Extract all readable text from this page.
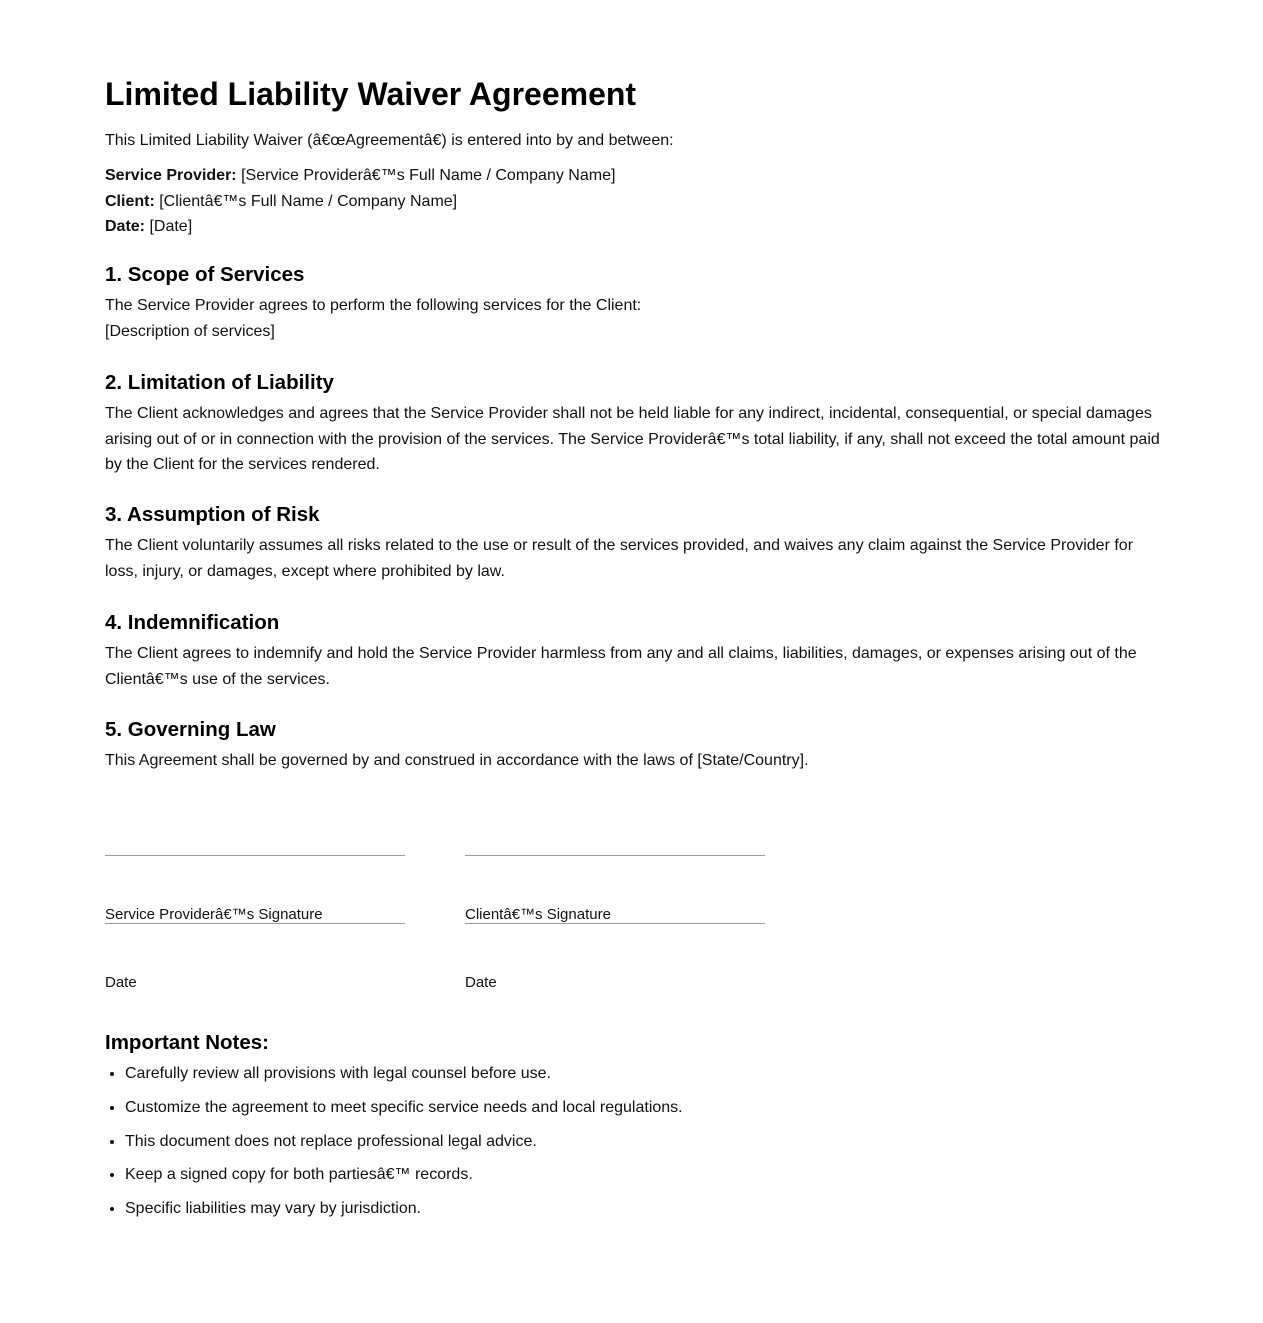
Limited Liability Waiver Agreement

This Limited Liability Waiver (â€œAgreementâ€) is entered into by and between:

Service Provider: [Service Providerâ€™s Full Name / Company Name]
Client: [Clientâ€™s Full Name / Company Name]
Date: [Date]
1. Scope of Services

The Service Provider agrees to perform the following services for the Client:
[Description of services]

2. Limitation of Liability

The Client acknowledges and agrees that the Service Provider shall not be held liable for any indirect, incidental, consequential, or special damages arising out of or in connection with the provision of the services. The Service Providerâ€™s total liability, if any, shall not exceed the total amount paid by the Client for the services rendered.

3. Assumption of Risk

The Client voluntarily assumes all risks related to the use or result of the services provided, and waives any claim against the Service Provider for loss, injury, or damages, except where prohibited by law.

4. Indemnification

The Client agrees to indemnify and hold the Service Provider harmless from any and all claims, liabilities, damages, or expenses arising out of the Clientâ€™s use of the services.

5. Governing Law

This Agreement shall be governed by and construed in accordance with the laws of [State/Country].

Service Providerâ€™s Signature	Clientâ€™s Signature
Date	Date
Important Notes:
• Carefully review all provisions with legal counsel before use.
• Customize the agreement to meet specific service needs and local regulations.
• This document does not replace professional legal advice.
• Keep a signed copy for both partiesâ€™ records.
• Specific liabilities may vary by jurisdiction.
